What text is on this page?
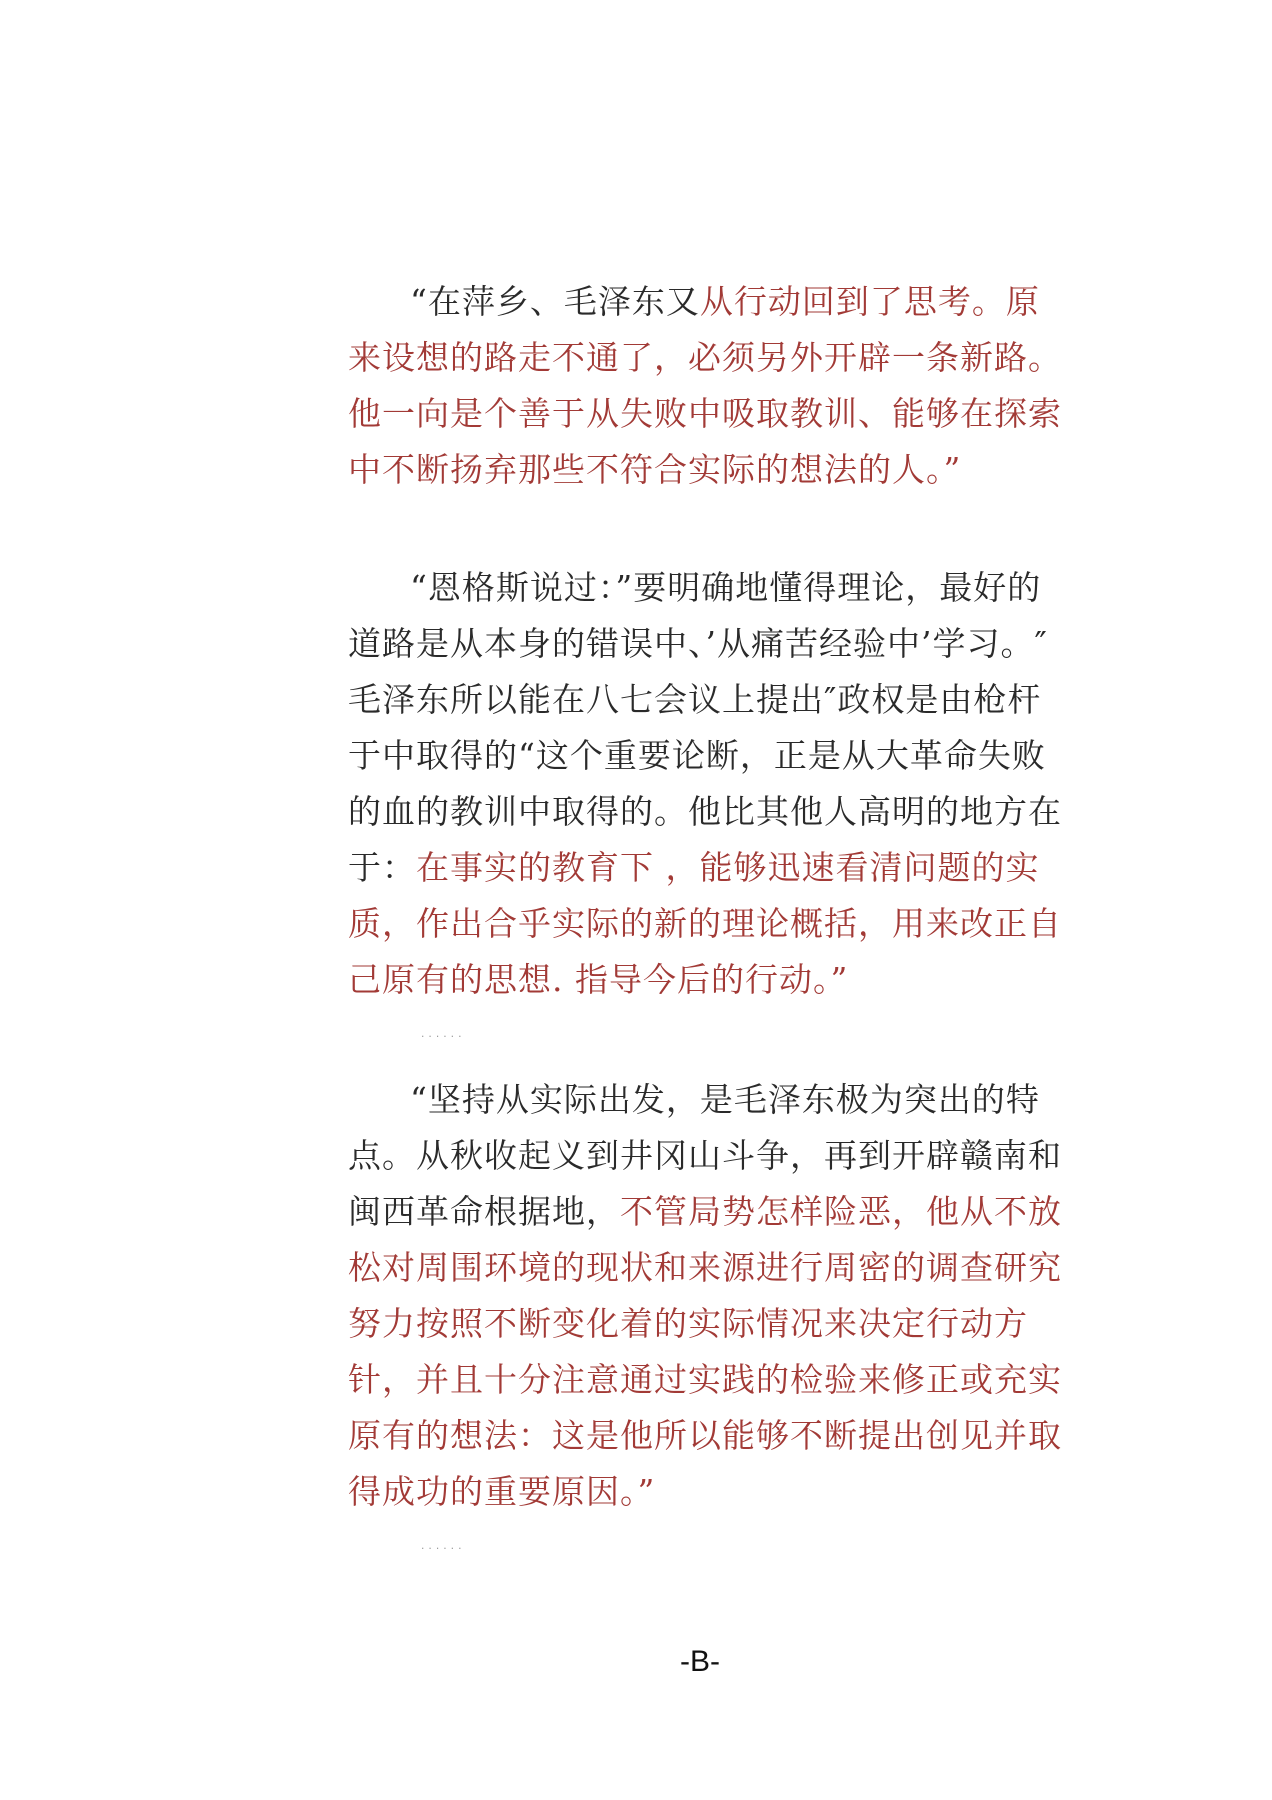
“在萍乡、毛泽东又从行动回到了思考。原
来设想的路走不通了，必须另外开辟一条新路。
他一向是个善于从失败中吸取教训、能够在探索
中不断扬弃那些不符合实际的想法的人。”
“恩格斯说过：”要明确地懂得理论，最好的
道路是从本身的错误中、’从痛苦经验中’学习。″
毛泽东所以能在八七会议上提出″政权是由枪杆
于中取得的“这个重要论断，正是从大革命失败
的血的教训中取得的。他比其他人高明的地方在
于：在事实的教育下 ，能够迅速看清问题的实
质，作出合乎实际的新的理论概括，用来改正自
己原有的思想. 指导今后的行动。”
......
“坚持从实际出发，是毛泽东极为突出的特
点。从秋收起义到井冈山斗争，再到开辟赣南和
闽西革命根据地，不管局势怎样险恶，他从不放
松对周围环境的现状和来源进行周密的调查研究
努力按照不断变化着的实际情况来决定行动方
针，并且十分注意通过实践的检验来修正或充实
原有的想法：这是他所以能够不断提出创见并取
得成功的重要原因。”
......
-B-
